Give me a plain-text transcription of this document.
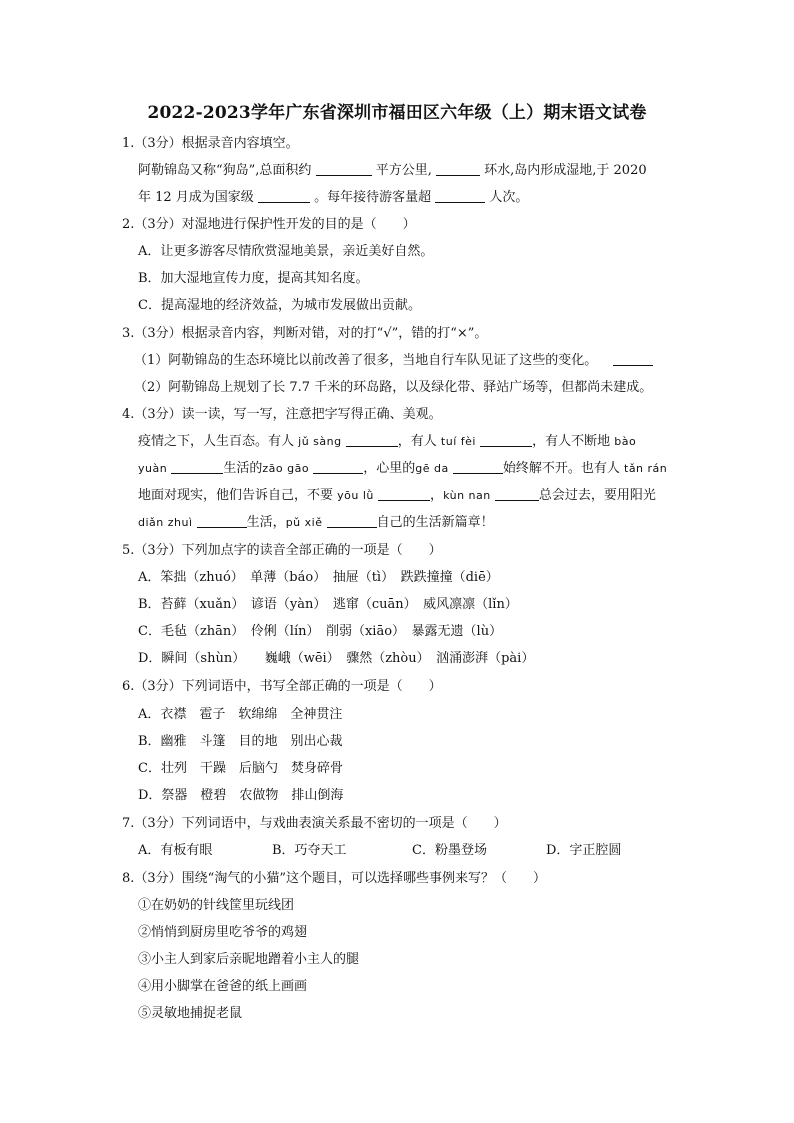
2022-2023学年广东省深圳市福田区六年级（上）期末语文试卷
1.（3分）根据录音内容填空。
阿勒锦岛又称“狗岛”,总面积约	平方公里,	环水,岛内形成湿地,于 2020
年 12 月成为国家级	。每年接待游客量超	人次。
2.（3分）对湿地进行保护性开发的目的是（　　）
A．让更多游客尽情欣赏湿地美景，亲近美好自然。
B．加大湿地宣传力度，提高其知名度。
C．提高湿地的经济效益，为城市发展做出贡献。
3.（3分）根据录音内容，判断对错，对的打“√”，错的打“×”。
（1）阿勒锦岛的生态环境比以前改善了很多，当地自行车队见证了这些的变化。
（2）阿勒锦岛上规划了长 7.7 千米的环岛路，以及绿化带、驿站广场等，但都尚未建成。
4.（3分）读一读，写一写，注意把字写得正确、美观。
疫情之下，人生百态。有人 jǔ sàng	，有人 tuí fèi	，有人不断地 bào
yuàn	生活的zāo gāo	，心里的gē da	始终解不开。也有人 tǎn rán
地面对现实，他们告诉自己，不要 yōu lǜ	，kùn nan	总会过去，要用阳光
diǎn zhuì	生活，pǔ xiě	自己的生活新篇章！
5.（3分）下列加点字的读音全部正确的一项是（　　）
A．笨拙（zhuó）　单薄（báo）　抽屉（tì）　跌跌撞撞（diē）
B．苔藓（xuǎn）　谚语（yàn）　逃窜（cuān）　威风凛凛（lǐn）
C．毛毡（zhān）　伶俐（lín）　削弱（xiāo）　暴露无遗（lù）
D．瞬间（shùn）　　巍峨（wēi）　骤然（zhòu）　汹涌澎湃（pài）
6.（3分）下列词语中，书写全部正确的一项是（　　）
A．衣襟　雹子　软绵绵　全神贯注
B．幽雅　斗篷　目的地　别出心裁
C．壮列　干躁　后脑勺　焚身碎骨
D．祭器　橙碧　农做物　排山倒海
7.（3分）下列词语中，与戏曲表演关系最不密切的一项是（　　）
A．有板有眼	B．巧夺天工	C．粉墨登场	D．字正腔圆
8.（3分）围绕“淘气的小猫”这个题目，可以选择哪些事例来写？（　　）
①在奶奶的针线筐里玩线团
②悄悄到厨房里吃爷爷的鸡翅
③小主人到家后亲昵地蹭着小主人的腿
④用小脚掌在爸爸的纸上画画
⑤灵敏地捕捉老鼠
